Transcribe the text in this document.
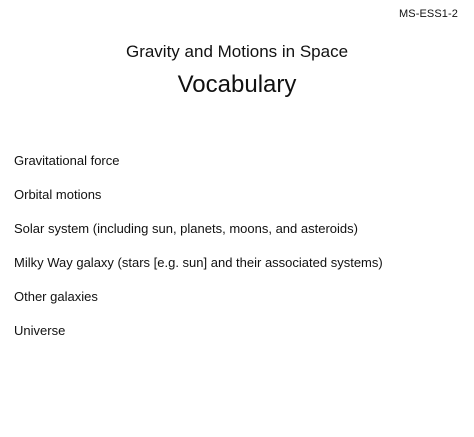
MS-ESS1-2
Gravity and Motions in Space
Vocabulary
Gravitational force
Orbital motions
Solar system (including sun, planets, moons, and asteroids)
Milky Way galaxy (stars [e.g. sun] and their associated systems)
Other galaxies
Universe
